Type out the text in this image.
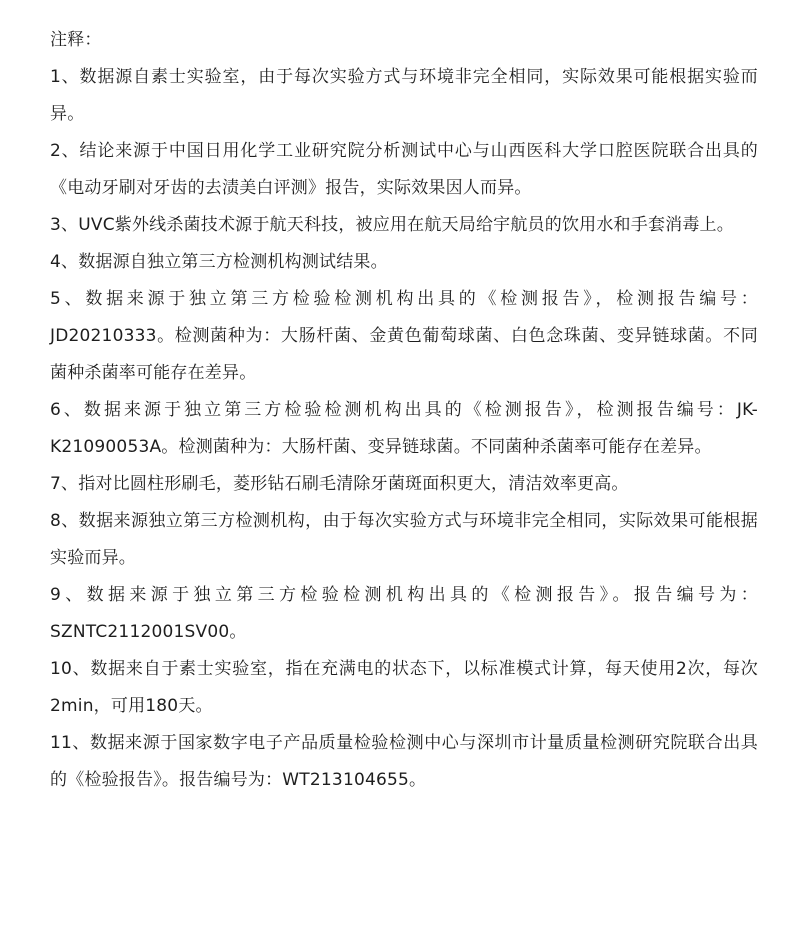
注释：

1、数据源自素士实验室，由于每次实验方式与环境非完全相同，实际效果可能根据实验而异。
2、结论来源于中国日用化学工业研究院分析测试中心与山西医科大学口腔医院联合出具的《电动牙刷对牙齿的去渍美白评测》报告，实际效果因人而异。
3、UVC紫外线杀菌技术源于航天科技，被应用在航天局给宇航员的饮用水和手套消毒上。
4、数据源自独立第三方检测机构测试结果。
5、数据来源于独立第三方检验检测机构出具的《检测报告》，检测报告编号：JD20210333。检测菌种为：大肠杆菌、金黄色葡萄球菌、白色念珠菌、变异链球菌。不同菌种杀菌率可能存在差异。
6、数据来源于独立第三方检验检测机构出具的《检测报告》，检测报告编号：JK-K21090053A。检测菌种为：大肠杆菌、变异链球菌。不同菌种杀菌率可能存在差异。
7、指对比圆柱形刷毛，菱形钻石刷毛清除牙菌斑面积更大，清洁效率更高。
8、数据来源独立第三方检测机构，由于每次实验方式与环境非完全相同，实际效果可能根据实验而异。
9、数据来源于独立第三方检验检测机构出具的《检测报告》。报告编号为：SZNTC2112001SV00。
10、数据来自于素士实验室，指在充满电的状态下，以标准模式计算，每天使用2次，每次2min，可用180天。
11、数据来源于国家数字电子产品质量检验检测中心与深圳市计量质量检测研究院联合出具的《检验报告》。报告编号为：WT213104655。
